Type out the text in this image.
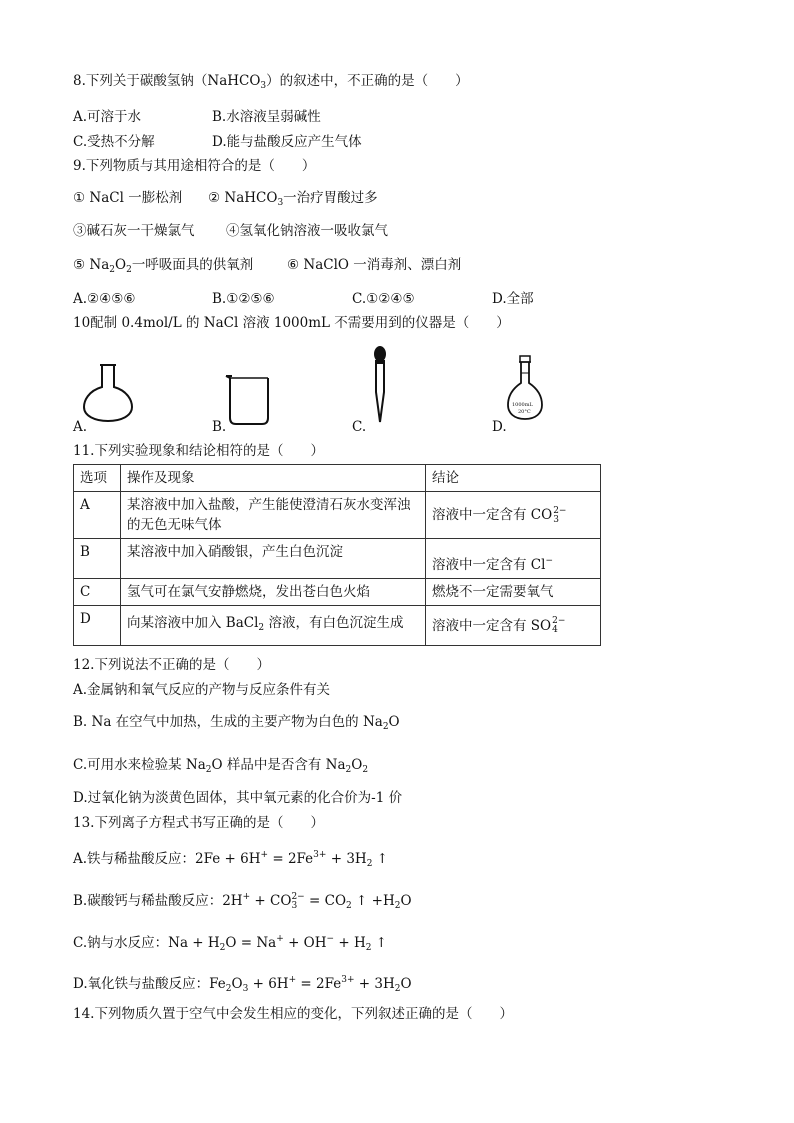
8.下列关于碳酸氢钠（NaHCO$_3$）的叙述中，不正确的是（　　）
A.可溶于水	B.水溶液呈弱碱性
C.受热不分解	D.能与盐酸反应产生气体
9.下列物质与其用途相符合的是（　　）
① NaCl 一膨松剂 ② NaHCO$_3$一治疗胃酸过多
③碱石灰一干燥氯气 ④氢氧化钠溶液一吸收氯气
⑤ $Na_2O_2$一呼吸面具的供氧剂 ⑥ NaClO 一消毒剂、漂白剂
A.②④⑤⑥	B.①②⑤⑥	C.①②④⑤	D.全部
10配制 0.4mol/L 的 NaCl 溶液 1000mL 不需要用到的仪器是（　　）
A.	B.	C.
1000mL
20°C
D.
11.下列实验现象和结论相符的是（　　）
选项	操作及现象	结论
A	某溶液中加入盐酸，产生能使澄清石灰水变浑浊的无色无味气体	溶液中一定含有 CO 2−
3

B	某溶液中加入硝酸银，产生白色沉淀	溶液中一定含有 Cl−
C	氢气可在氯气安静燃烧，发出苍白色火焰	燃烧不一定需要氧气
D	向某溶液中加入 BaCl$_2$ 溶液，有白色沉淀生成	溶液中一定含有 SO 2−
4
12.下列说法不正确的是（　　）
A.金属钠和氧气反应的产物与反应条件有关
B. Na 在空气中加热，生成的主要产物为白色的 $Na_2O$
C.可用水来检验某 $Na_2O$ 样品中是否含有 $Na_2O_2$
D.过氧化钠为淡黄色固体，其中氧元素的化合价为-1 价
13.下列离子方程式书写正确的是（　　）
A.铁与稀盐酸反应：$2Fe + 6H^+ = 2Fe^{3+} + 3H_2$ ↑
B.碳酸钙与稀盐酸反应：2H+ + CO 2−
$3 = CO_2$ ↑ $+H_2O$
C.钠与水反应：$Na + H_2O = Na^+ + OH^- + H_2$ ↑
D.氧化铁与盐酸反应：$Fe_2O_3 + 6H^+ = 2Fe^{3+} + 3H_2O$
14.下列物质久置于空气中会发生相应的变化，下列叙述正确的是（　　）
